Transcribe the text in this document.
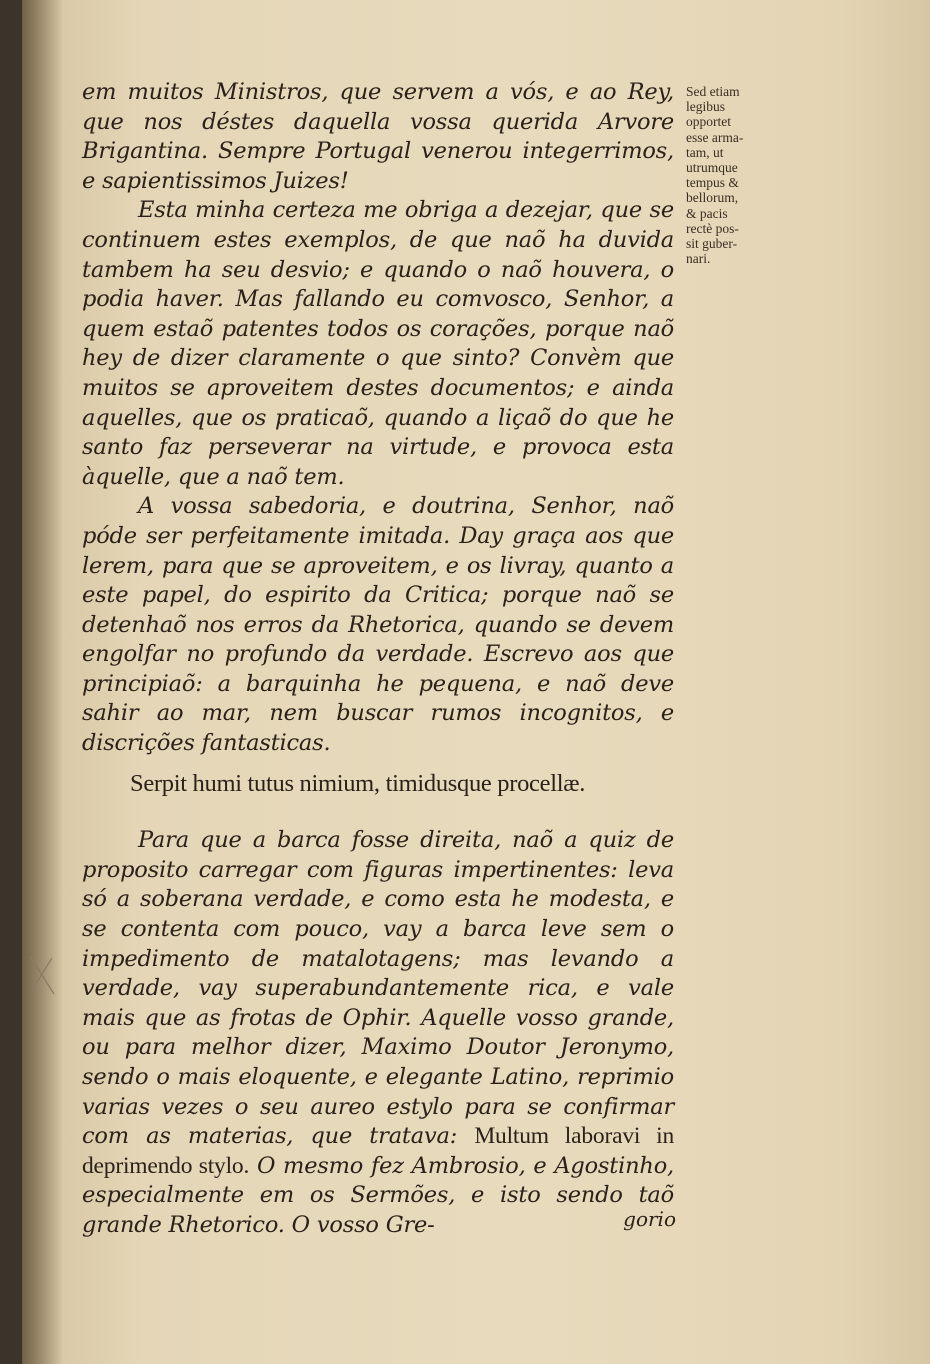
em muitos Ministros, que servem a vós, e ao Rey, que nos déstes daquella vossa querida Arvore Brigantina. Sempre Portugal venerou integerrimos, e sapientissimos Juizes!

Esta minha certeza me obriga a dezejar, que se continuem estes exemplos, de que naõ ha duvida tambem ha seu desvio; e quando o naõ houvera, o podia haver. Mas fallando eu comvosco, Senhor, a quem estaõ patentes todos os corações, porque naõ hey de dizer claramente o que sinto? Convèm que muitos se aproveitem destes documentos; e ainda aquelles, que os praticaõ, quando a liçaõ do que he santo faz perseverar na virtude, e provoca esta àquelle, que a naõ tem.

A vossa sabedoria, e doutrina, Senhor, naõ póde ser perfeitamente imitada. Day graça aos que lerem, para que se aproveitem, e os livray, quanto a este papel, do espirito da Critica; porque naõ se detenhaõ nos erros da Rhetorica, quando se devem engolfar no profundo da verdade. Escrevo aos que principiaõ: a barquinha he pequena, e naõ deve sahir ao mar, nem buscar rumos incognitos, e discrições fantasticas.

Serpit humi tutus nimium, timidusque procellæ.

Para que a barca fosse direita, naõ a quiz de proposito carregar com figuras impertinentes: leva só a soberana verdade, e como esta he modesta, e se contenta com pouco, vay a barca leve sem o impedimento de matalotagens; mas levando a verdade, vay superabundantemente rica, e vale mais que as frotas de Ophir. Aquelle vosso grande, ou para melhor dizer, Maximo Doutor Jeronymo, sendo o mais eloquente, e elegante Latino, reprimio varias vezes o seu aureo estylo para se confirmar com as materias, que tratava: Multum laboravi in deprimendo stylo. O mesmo fez Ambrosio, e Agostinho, especialmente em os Sermões, e isto sendo taõ grande Rhetorico. O vosso Gre-	gorio
Sed etiam
legibus
opportet
esse arma-
tam, ut
utrumque
tempus &
bellorum,
& pacis
rectè pos-
sit guber-
nari.
